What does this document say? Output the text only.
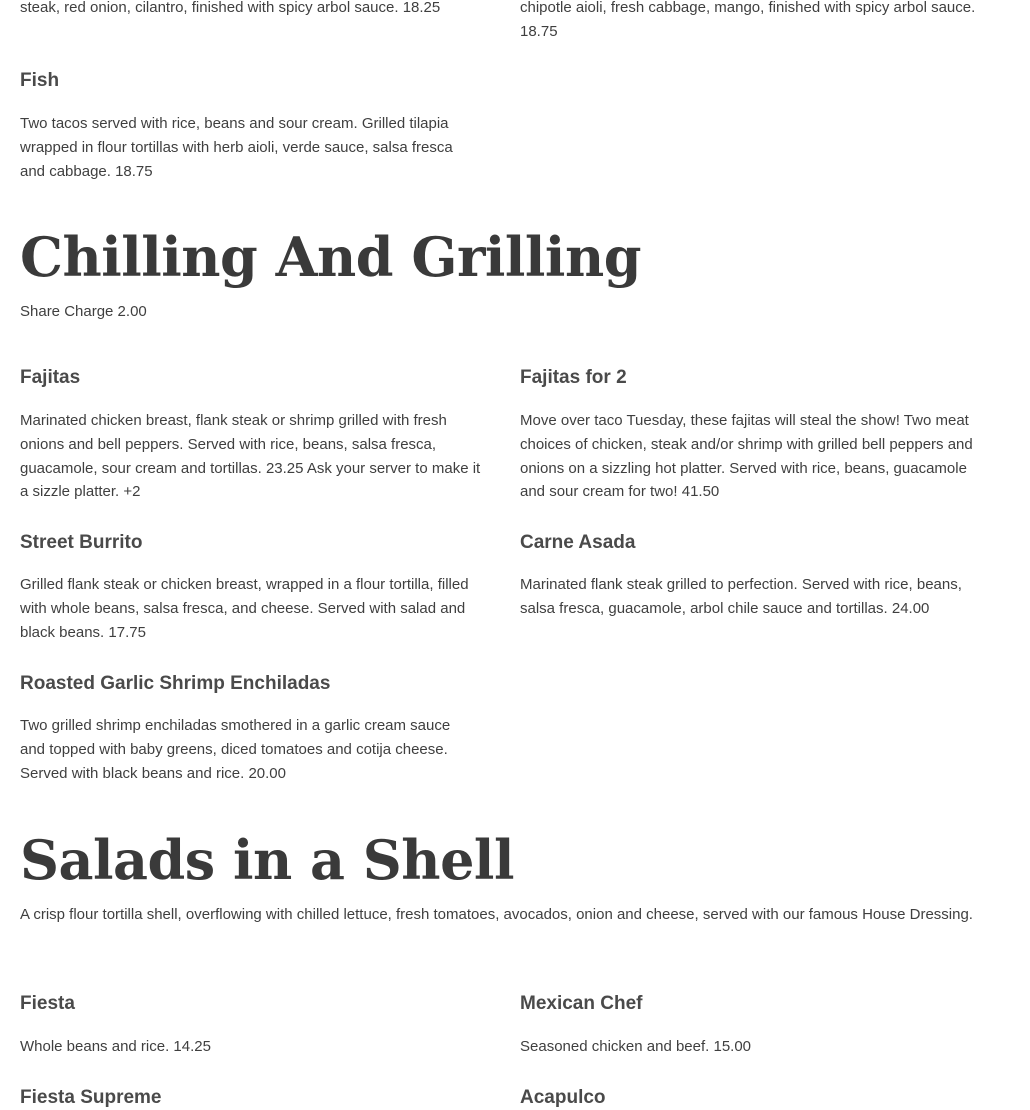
steak, red onion, cilantro, finished with spicy arbol sauce. 18.25	chipotle aioli, fresh cabbage, mango, finished with spicy arbol sauce. 18.75

Fish

Two tacos served with rice, beans and sour cream. Grilled tilapia wrapped in flour tortillas with herb aioli, verde sauce, salsa fresca and cabbage. 18.75

Chilling And Grilling

Share Charge 2.00

Fajitas

Marinated chicken breast, flank steak or shrimp grilled with fresh onions and bell peppers. Served with rice, beans, salsa fresca, guacamole, sour cream and tortillas. 23.25 Ask your server to make it a sizzle platter. +2

Fajitas for 2

Move over taco Tuesday, these fajitas will steal the show! Two meat choices of chicken, steak and/or shrimp with grilled bell peppers and onions on a sizzling hot platter. Served with rice, beans, guacamole and sour cream for two! 41.50

Street Burrito

Grilled flank steak or chicken breast, wrapped in a flour tortilla, filled with whole beans, salsa fresca, and cheese. Served with salad and black beans. 17.75

Carne Asada

Marinated flank steak grilled to perfection. Served with rice, beans, salsa fresca, guacamole, arbol chile sauce and tortillas. 24.00

Roasted Garlic Shrimp Enchiladas

Two grilled shrimp enchiladas smothered in a garlic cream sauce and topped with baby greens, diced tomatoes and cotija cheese. Served with black beans and rice. 20.00

Salads in a Shell

A crisp flour tortilla shell, overflowing with chilled lettuce, fresh tomatoes, avocados, onion and cheese, served with our famous House Dressing.

Fiesta

Whole beans and rice. 14.25

Mexican Chef

Seasoned chicken and beef. 15.00

Fiesta Supreme	Acapulco
